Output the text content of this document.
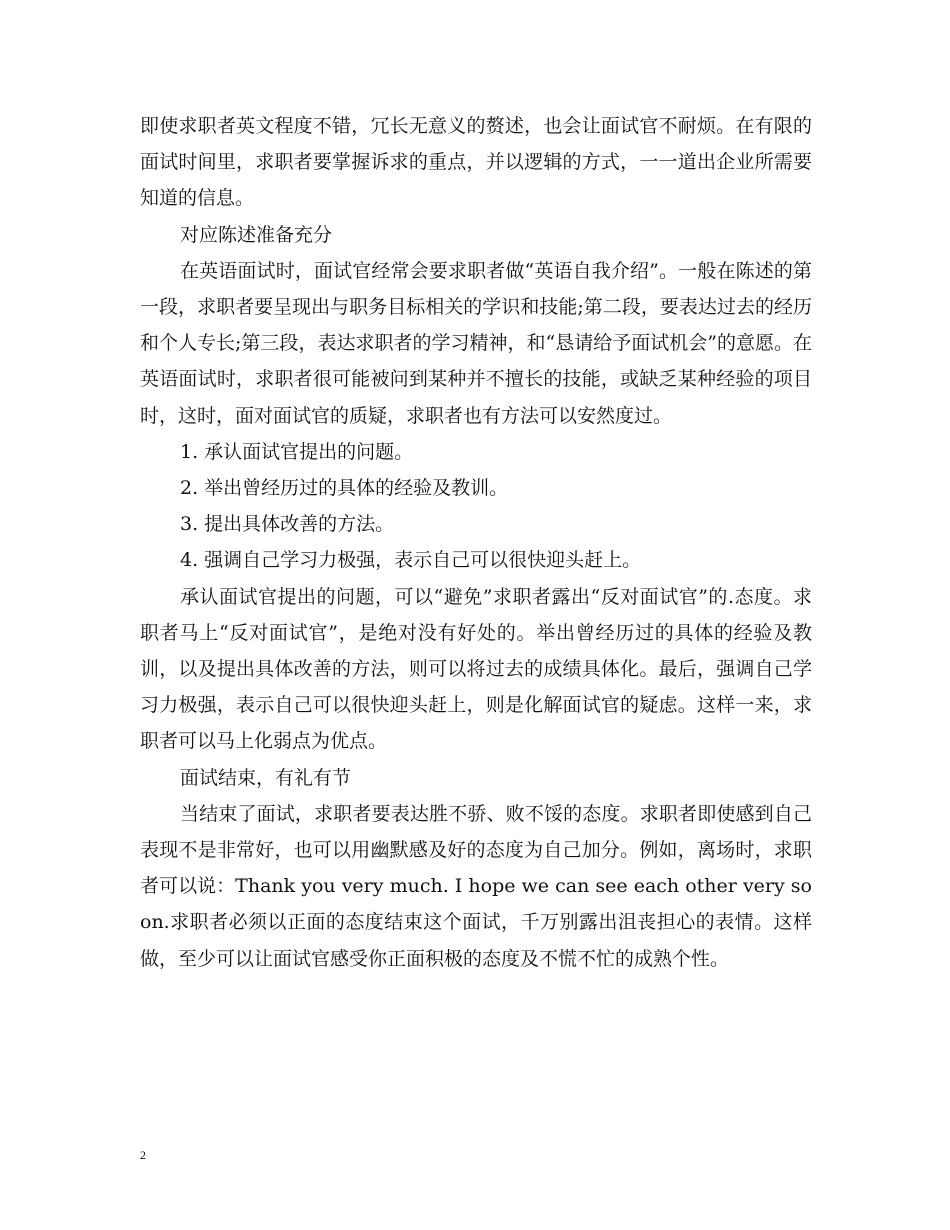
即使求职者英文程度不错，冗长无意义的赘述，也会让面试官不耐烦。在有限的面试时间里，求职者要掌握诉求的重点，并以逻辑的方式，一一道出企业所需要知道的信息。

对应陈述准备充分

在英语面试时，面试官经常会要求职者做“英语自我介绍”。一般在陈述的第一段，求职者要呈现出与职务目标相关的学识和技能;第二段，要表达过去的经历和个人专长;第三段，表达求职者的学习精神，和“恳请给予面试机会”的意愿。在英语面试时，求职者很可能被问到某种并不擅长的技能，或缺乏某种经验的项目时，这时，面对面试官的质疑，求职者也有方法可以安然度过。

1. 承认面试官提出的问题。

2. 举出曾经历过的具体的经验及教训。

3. 提出具体改善的方法。

4. 强调自己学习力极强，表示自己可以很快迎头赶上。

承认面试官提出的问题，可以“避免”求职者露出“反对面试官”的.态度。求职者马上“反对面试官”，是绝对没有好处的。举出曾经历过的具体的经验及教训，以及提出具体改善的方法，则可以将过去的成绩具体化。最后，强调自己学习力极强，表示自己可以很快迎头赶上，则是化解面试官的疑虑。这样一来，求职者可以马上化弱点为优点。

面试结束，有礼有节

当结束了面试，求职者要表达胜不骄、败不馁的态度。求职者即使感到自己表现不是非常好，也可以用幽默感及好的态度为自己加分。例如，离场时，求职者可以说：Thank you very much. I hope we can see each other very soon.求职者必须以正面的态度结束这个面试，千万别露出沮丧担心的表情。这样做，至少可以让面试官感受你正面积极的态度及不慌不忙的成熟个性。

2
